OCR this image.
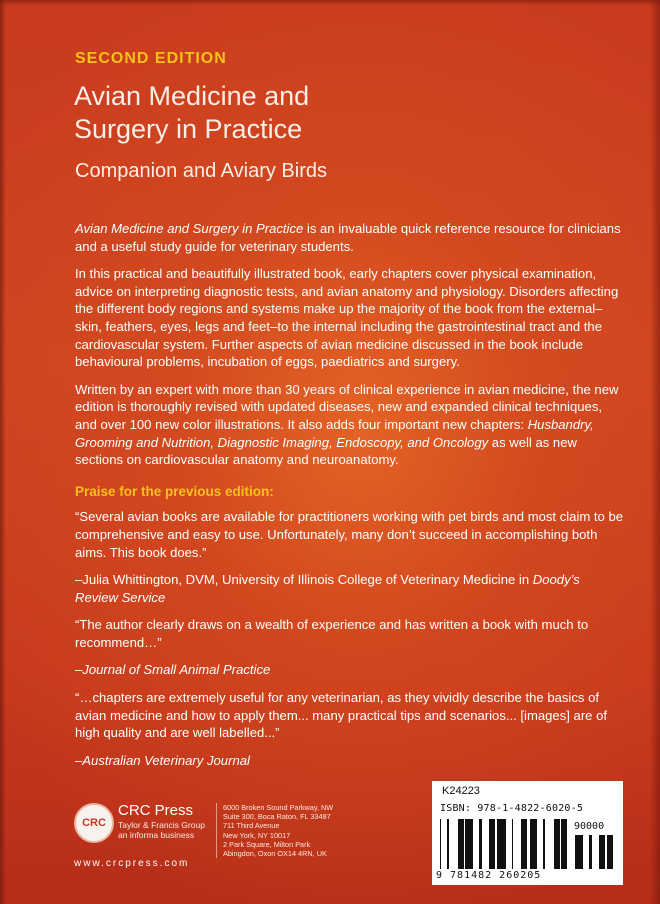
SECOND EDITION
Avian Medicine and
Surgery in Practice
Companion and Aviary Birds

Avian Medicine and Surgery in Practice is an invaluable quick reference resource for clinicians and a useful study guide for veterinary students.

In this practical and beautifully illustrated book, early chapters cover physical examination, advice on interpreting diagnostic tests, and avian anatomy and physiology. Disorders affecting the different body regions and systems make up the majority of the book from the external–skin, feathers, eyes, legs and feet–to the internal including the gastrointestinal tract and the cardiovascular system. Further aspects of avian medicine discussed in the book include behavioural problems, incubation of eggs, paediatrics and surgery.

Written by an expert with more than 30 years of clinical experience in avian medicine, the new edition is thoroughly revised with updated diseases, new and expanded clinical techniques, and over 100 new color illustrations. It also adds four important new chapters: Husbandry, Grooming and Nutrition, Diagnostic Imaging, Endoscopy, and Oncology as well as new sections on cardiovascular anatomy and neuroanatomy.

Praise for the previous edition:

“Several avian books are available for practitioners working with pet birds and most claim to be comprehensive and easy to use. Unfortunately, many don’t succeed in accomplishing both aims. This book does.”

–Julia Whittington, DVM, University of Illinois College of Veterinary Medicine in Doody’s Review Service

“The author clearly draws on a wealth of experience and has written a book with much to recommend…”

–Journal of Small Animal Practice

“…chapters are extremely useful for any veterinarian, as they vividly describe the basics of avian medicine and how to apply them... many practical tips and scenarios... [images] are of high quality and are well labelled...”

–Australian Veterinary Journal

CRC
CRC Press
Taylor & Francis Group
an informa business
www.crcpress.com
6000 Broken Sound Parkway, NW
Suite 300, Boca Raton, FL 33487
711 Third Avenue
New York, NY 10017
2 Park Square, Milton Park
Abingdon, Oxon OX14 4RN, UK
K24223
ISBN: 978-1-4822-6020-5
90000
9 781482 260205
